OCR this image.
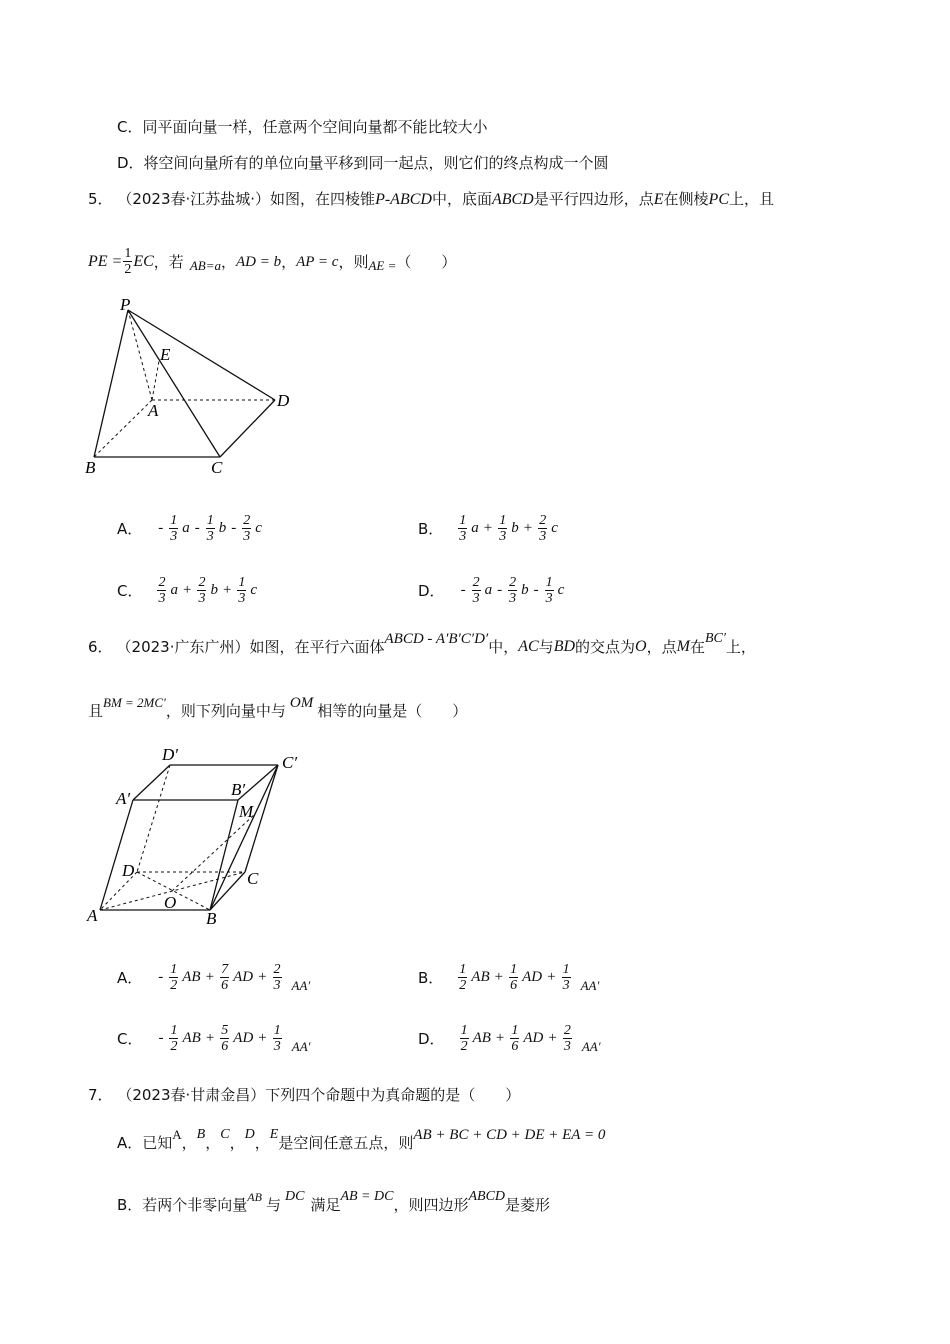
C．同平面向量一样，任意两个空间向量都不能比较大小
D．将空间向量所有的单位向量平移到同一起点，则它们的终点构成一个圆
5． （2023春·江苏盐城·）如图，在四棱锥P-ABCD中，底面ABCD是平行四边形，点E在侧棱PC上，且
PE = $\frac{1}{2}$ EC ，若 AB=a ， AD = b ， AP = c ，则 AE = （　　）
P
E
A
D
B	C
A． - $\frac{1}{3}$ a - $\frac{1}{3}$ b - $\frac{2}{3}$ c	B． $\frac{1}{3}$ $a + \frac{1}{3}$ $b + \frac{2}{3}$ c
C． $\frac{2}{3}$ $a + \frac{2}{3}$ $b + \frac{1}{3}$ c	D． - $\frac{2}{3}$ a - $\frac{2}{3}$ b - $\frac{1}{3}$ c
6． （2023·广东广州） 如图，在平行六面体 ABCD - A′B′C′D′ 中， AC 与 BD 的交点为 O ，点 M 在 BC′ 上，
且 BM = 2MC′ ，则下列向量中与 OM 相等的向量是（　　）
D′	C′
A′	B′
M
D	C
O
A	B
A． - $\frac{1}{2}$ AB + $\frac{7}{6}$ AD + $\frac{2}{3} AA'$	B． $\frac{1}{2}$ AB + $\frac{1}{6}$ AD + $\frac{1}{3} AA'$
C． - $\frac{1}{2}$ AB + $\frac{5}{6}$ AD + $\frac{1}{3} AA'$	D． $\frac{1}{2}$ AB + $\frac{1}{6}$ AD + $\frac{2}{3} AA'$
7． （2023春·甘肃金昌）下列四个命题中为真命题的是（　　）
A．已知 A ， B ， C ， D ， E 是空间任意五点，则 AB + BC + CD + DE + EA = 0
B．若两个非零向量 AB 与 DC 满足 AB = DC ，则四边形 ABCD 是菱形
